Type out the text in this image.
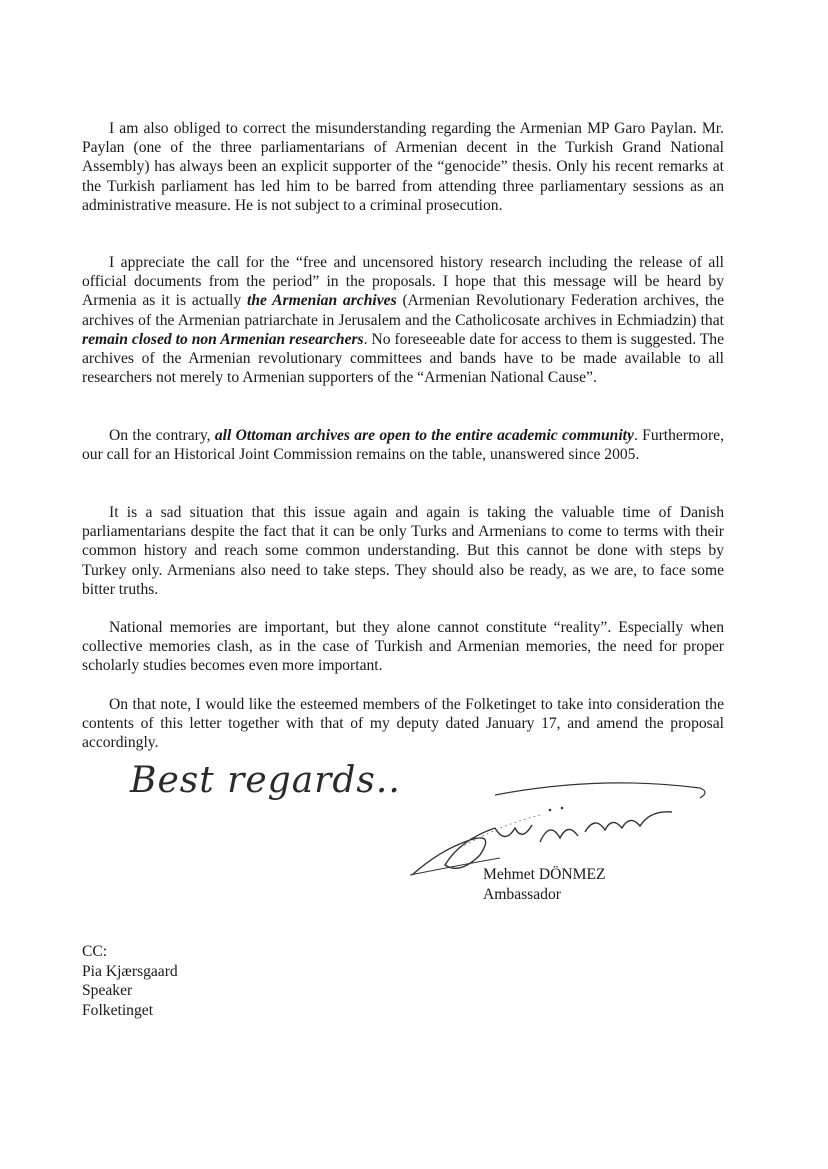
I am also obliged to correct the misunderstanding regarding the Armenian MP Garo Paylan. Mr. Paylan (one of the three parliamentarians of Armenian decent in the Turkish Grand National Assembly) has always been an explicit supporter of the “genocide” thesis. Only his recent remarks at the Turkish parliament has led him to be barred from attending three parliamentary sessions as an administrative measure. He is not subject to a criminal prosecution.

I appreciate the call for the “free and uncensored history research including the release of all official documents from the period” in the proposals. I hope that this message will be heard by Armenia as it is actually the Armenian archives (Armenian Revolutionary Federation archives, the archives of the Armenian patriarchate in Jerusalem and the Catholicosate archives in Echmiadzin) that remain closed to non Armenian researchers. No foreseeable date for access to them is suggested. The archives of the Armenian revolutionary committees and bands have to be made available to all researchers not merely to Armenian supporters of the “Armenian National Cause”.

On the contrary, all Ottoman archives are open to the entire academic community. Furthermore, our call for an Historical Joint Commission remains on the table, unanswered since 2005.

It is a sad situation that this issue again and again is taking the valuable time of Danish parliamentarians despite the fact that it can be only Turks and Armenians to come to terms with their common history and reach some common understanding. But this cannot be done with steps by Turkey only. Armenians also need to take steps. They should also be ready, as we are, to face some bitter truths.

National memories are important, but they alone cannot constitute “reality”. Especially when collective memories clash, as in the case of Turkish and Armenian memories, the need for proper scholarly studies becomes even more important.

On that note, I would like the esteemed members of the Folketinget to take into consideration the contents of this letter together with that of my deputy dated January 17, and amend the proposal accordingly.

Best regards..
Mehmet DÖNMEZ
Ambassador
CC:
Pia Kjærsgaard
Speaker
Folketinget
